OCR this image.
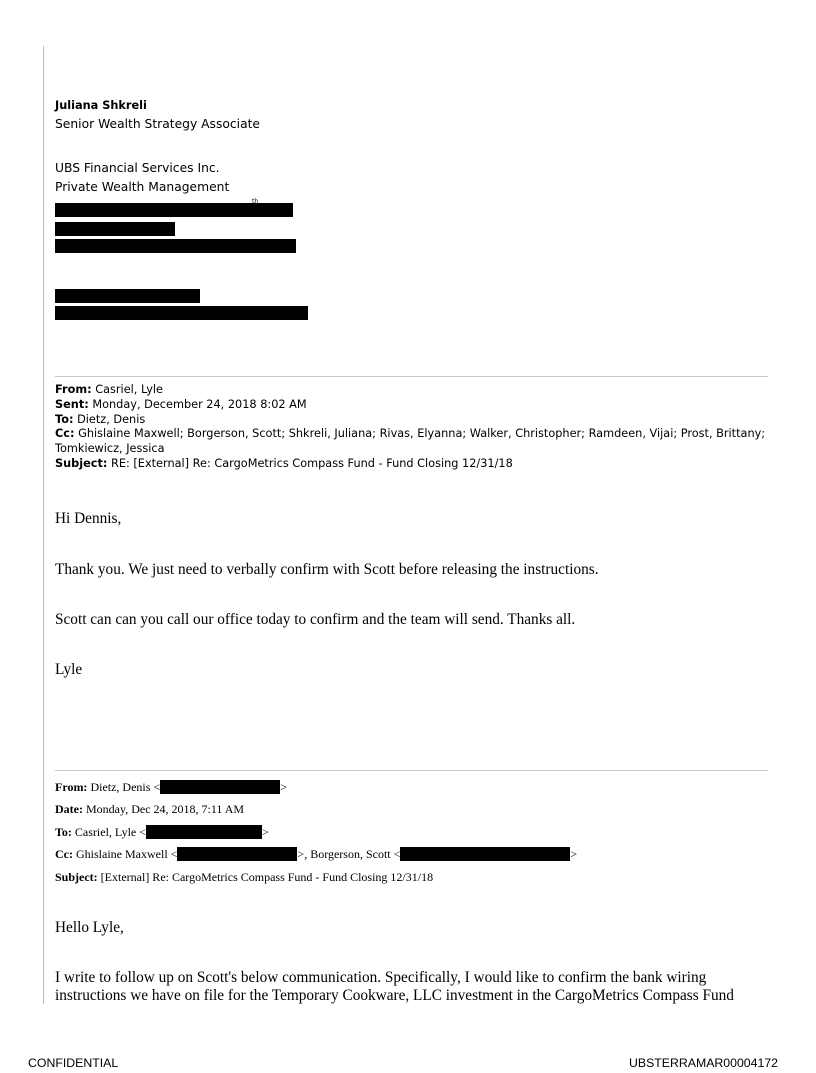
Juliana Shkreli
Senior Wealth Strategy Associate
UBS Financial Services Inc.
Private Wealth Management
th
From: Casriel, Lyle
Sent: Monday, December 24, 2018 8:02 AM
To: Dietz, Denis
Cc: Ghislaine Maxwell; Borgerson, Scott; Shkreli, Juliana; Rivas, Elyanna; Walker, Christopher; Ramdeen, Vijai; Prost, Brittany; Tomkiewicz, Jessica
Subject: RE: [External] Re: CargoMetrics Compass Fund - Fund Closing 12/31/18
Hi Dennis,
Thank you. We just need to verbally confirm with Scott before releasing the instructions.
Scott can can you call our office today to confirm and the team will send. Thanks all.
Lyle
From: Dietz, Denis <	>
Date: Monday, Dec 24, 2018, 7:11 AM
To: Casriel, Lyle <	>
Cc: Ghislaine Maxwell <	>, Borgerson, Scott <	>
Subject: [External] Re: CargoMetrics Compass Fund - Fund Closing 12/31/18
Hello Lyle,
I write to follow up on Scott's below communication. Specifically, I would like to confirm the bank wiring
instructions we have on file for the Temporary Cookware, LLC investment in the CargoMetrics Compass Fund
CONFIDENTIAL	UBSTERRAMAR00004172
